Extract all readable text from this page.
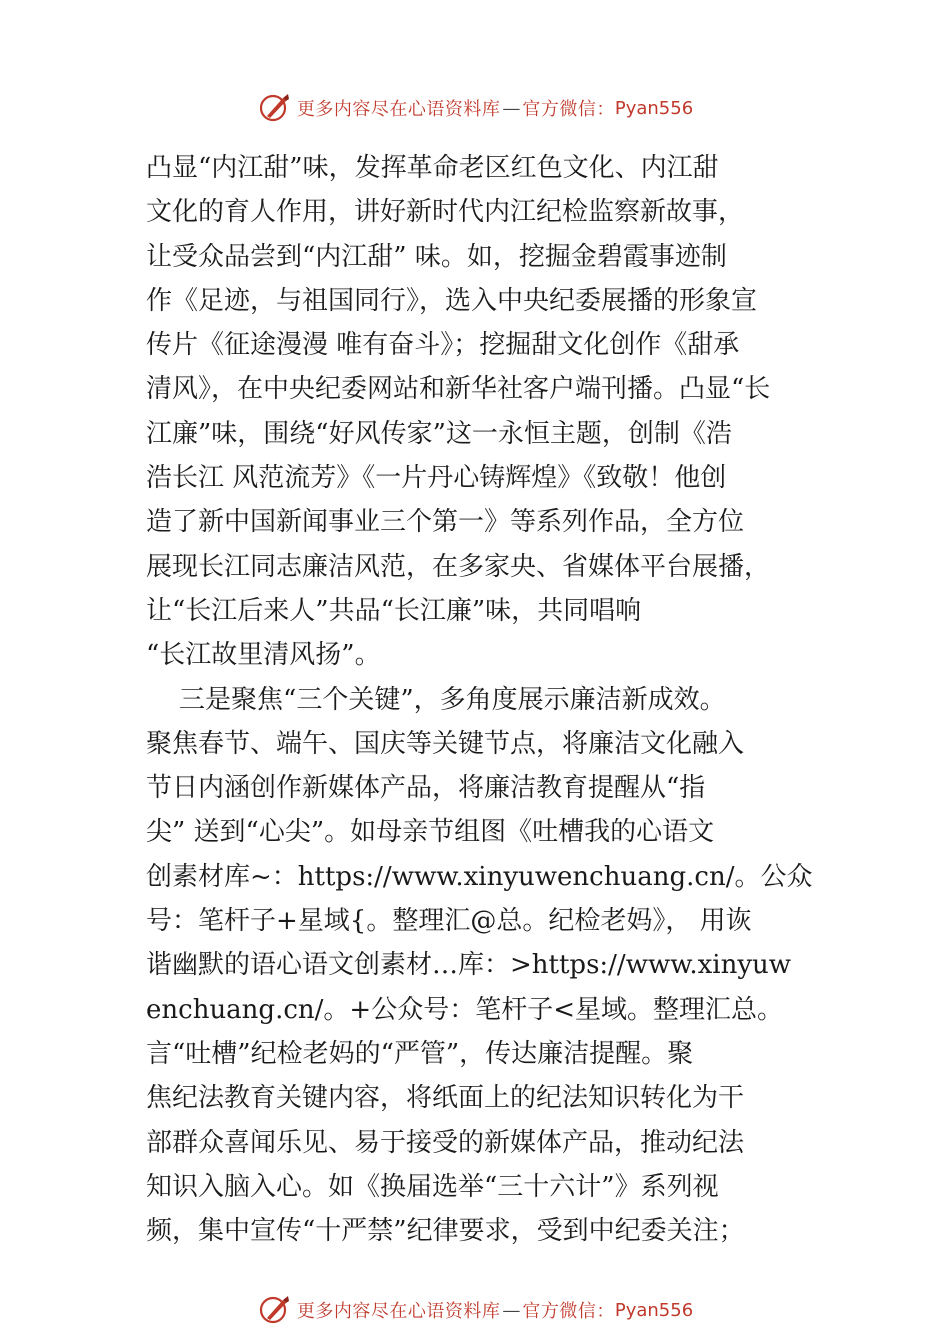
更多内容尽在心语资料库 — 官方微信： Pyan556
凸显“内江甜”味，发挥革命老区红色文化、内江甜
文化的育人作用，讲好新时代内江纪检监察新故事，
让受众品尝到“内江甜” 味。如，挖掘金碧霞事迹制
作《足迹，与祖国同行》，选入中央纪委展播的形象宣
传片《征途漫漫 唯有奋斗》；挖掘甜文化创作《甜承
清风》，在中央纪委网站和新华社客户端刊播。凸显“长
江廉”味，围绕“好风传家”这一永恒主题，创制《浩
浩长江 风范流芳》《一片丹心铸辉煌》《致敬！他创
造了新中国新闻事业三个第一》等系列作品，全方位
展现长江同志廉洁风范，在多家央、省媒体平台展播，
让“长江后来人”共品“长江廉”味，共同唱响
“长江故里清风扬”。
三是聚焦“三个关键”，多角度展示廉洁新成效。
聚焦春节、端午、国庆等关键节点，将廉洁文化融入
节日内涵创作新媒体产品，将廉洁教育提醒从“指
尖” 送到“心尖”。如母亲节组图《吐槽我的心语文
创素材库~：https://www.xinyuwenchuang.cn/。公众
号：笔杆子+星域{。整理汇@总。纪检老妈》， 用诙
谐幽默的语心语文创素材…库：>https://www.xinyuw
enchuang.cn/。+公众号：笔杆子<星域。整理汇总。
言“吐槽”纪检老妈的“严管”，传达廉洁提醒。聚
焦纪法教育关键内容，将纸面上的纪法知识转化为干
部群众喜闻乐见、易于接受的新媒体产品，推动纪法
知识入脑入心。如《换届选举“三十六计”》系列视
频，集中宣传“十严禁”纪律要求，受到中纪委关注；
更多内容尽在心语资料库 — 官方微信： Pyan556
